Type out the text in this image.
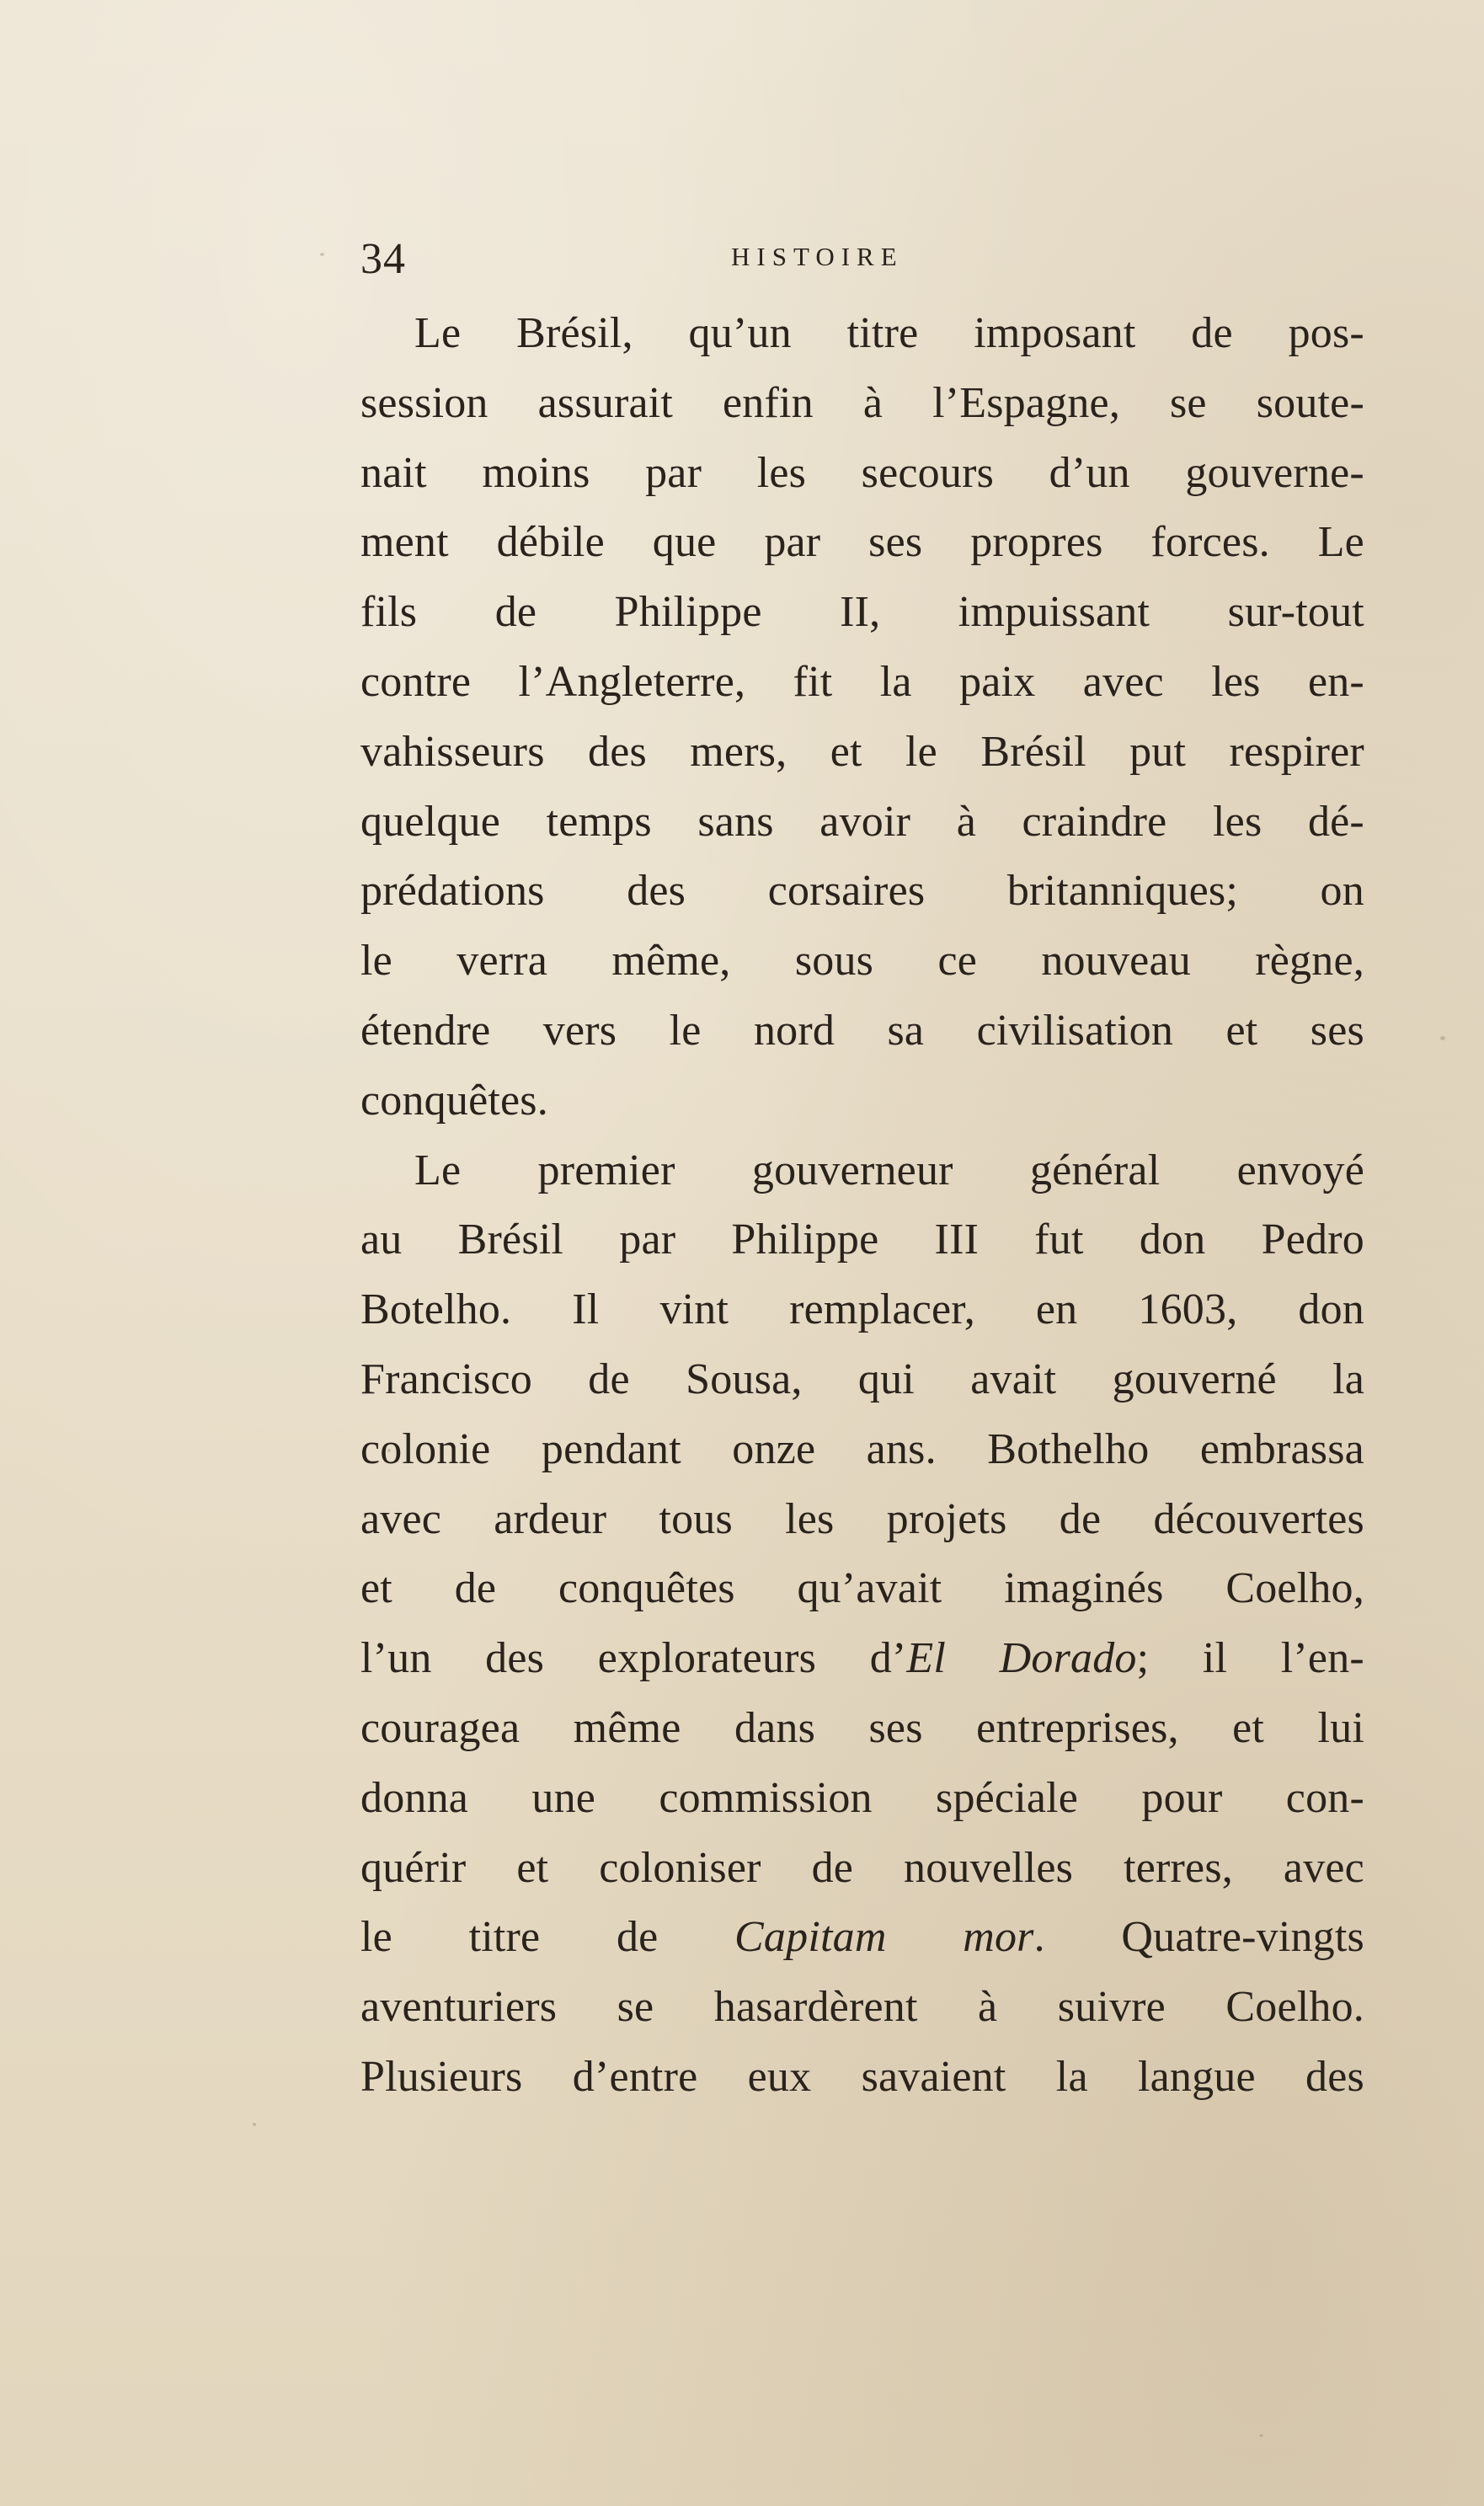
34	HISTOIRE
Le Brésil, qu’un titre imposant de pos-
session assurait enfin à l’Espagne, se soute-
nait moins par les secours d’un gouverne-
ment débile que par ses propres forces. Le
fils de Philippe II, impuissant sur-tout
contre l’Angleterre, fit la paix avec les en-
vahisseurs des mers, et le Brésil put respirer
quelque temps sans avoir à craindre les dé-
prédations des corsaires britanniques; on
le verra même, sous ce nouveau règne,
étendre vers le nord sa civilisation et ses
conquêtes.
Le premier gouverneur général envoyé
au Brésil par Philippe III fut don Pedro
Botelho. Il vint remplacer, en 1603, don
Francisco de Sousa, qui avait gouverné la
colonie pendant onze ans. Bothelho embrassa
avec ardeur tous les projets de découvertes
et de conquêtes qu’avait imaginés Coelho,
l’un des explorateurs d’El Dorado; il l’en-
couragea même dans ses entreprises, et lui
donna une commission spéciale pour con-
quérir et coloniser de nouvelles terres, avec
le titre de Capitam mor. Quatre-vingts
aventuriers se hasardèrent à suivre Coelho.
Plusieurs d’entre eux savaient la langue des
